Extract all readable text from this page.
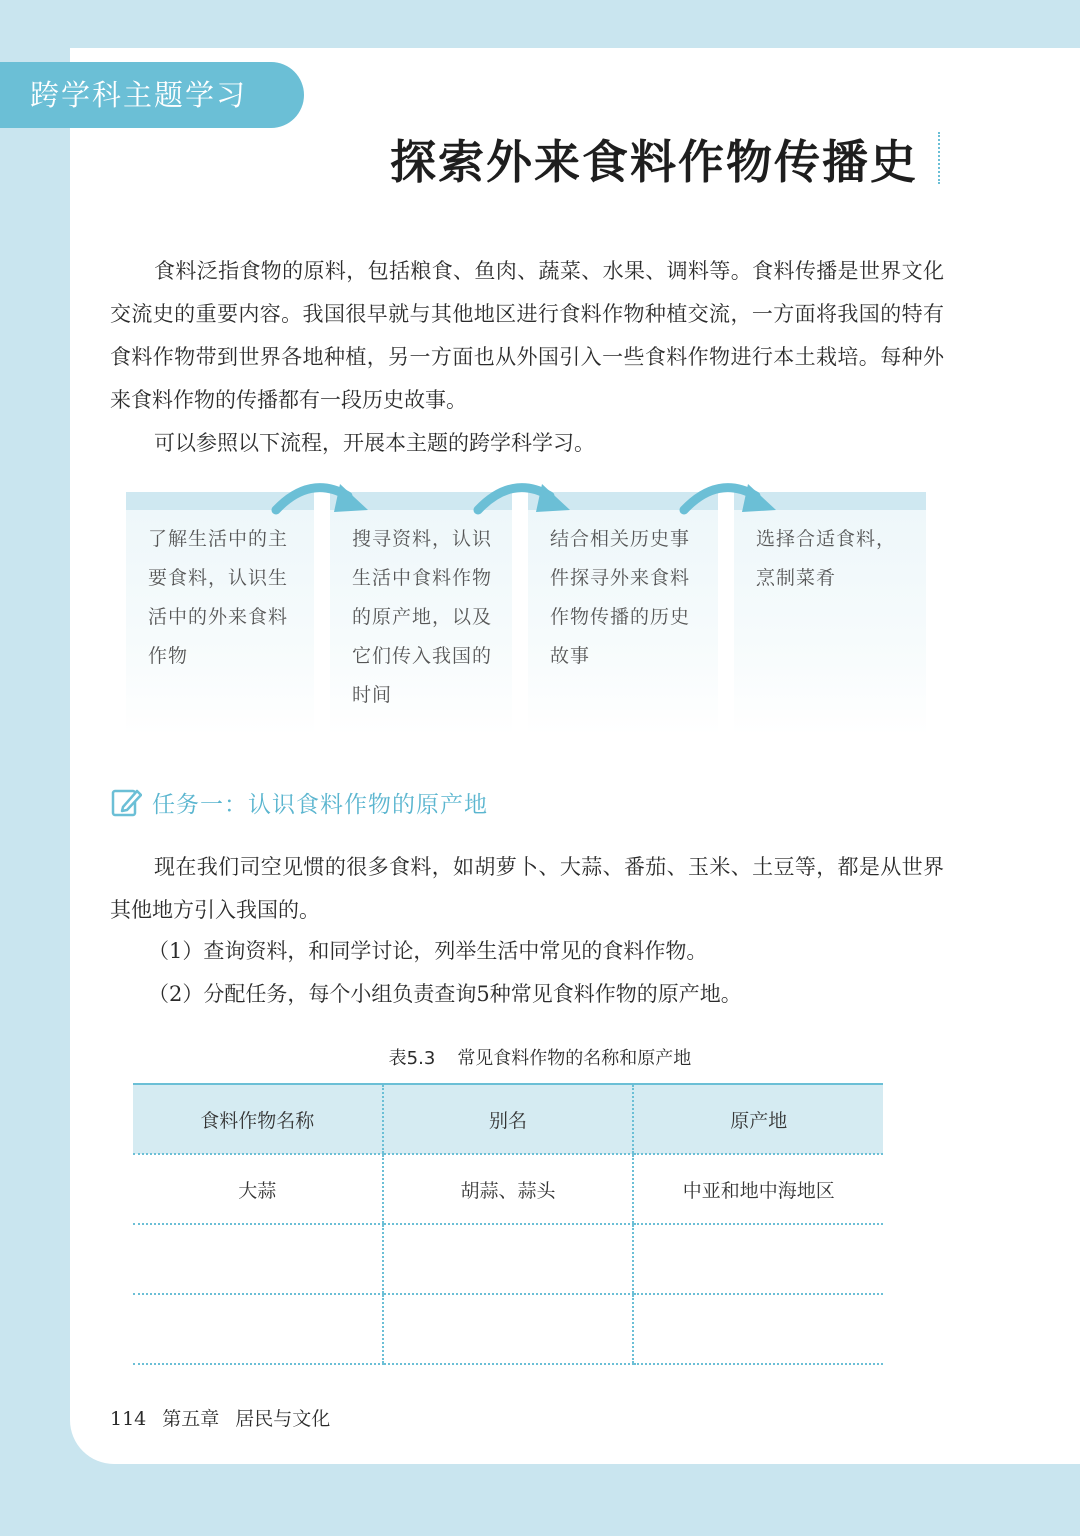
跨学科主题学习
探索外来食料作物传播史

食料泛指食物的原料，包括粮食、鱼肉、蔬菜、水果、调料等。食料传播是世界文化交流史的重要内容。我国很早就与其他地区进行食料作物种植交流，一方面将我国的特有食料作物带到世界各地种植，另一方面也从外国引入一些食料作物进行本土栽培。每种外来食料作物的传播都有一段历史故事。

可以参照以下流程，开展本主题的跨学科学习。

了解生活中的主要食料，认识生活中的外来食料作物
搜寻资料，认识生活中食料作物的原产地，以及它们传入我国的时间
结合相关历史事件探寻外来食料作物传播的历史故事
选择合适食料，烹制菜肴
任务一：认识食料作物的原产地

现在我们司空见惯的很多食料，如胡萝卜、大蒜、番茄、玉米、土豆等，都是从世界其他地方引入我国的。

（1）查询资料，和同学讨论，列举生活中常见的食料作物。

（2）分配任务，每个小组负责查询5种常见食料作物的原产地。

表5.3 常见食料作物的名称和原产地
食料作物名称	别名	原产地
大蒜	胡蒜、蒜头	中亚和地中海地区

114 第五章 居民与文化
